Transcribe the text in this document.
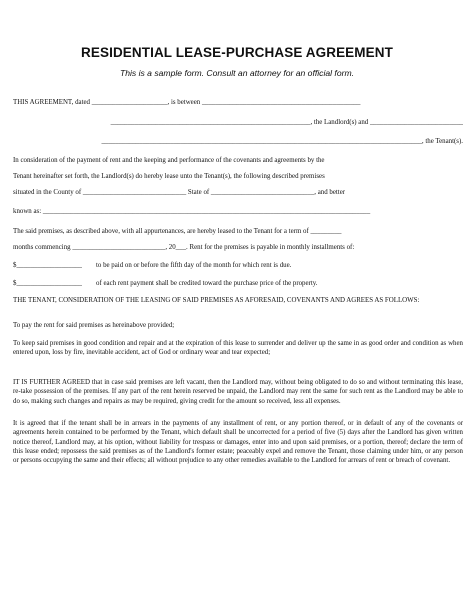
RESIDENTIAL LEASE-PURCHASE AGREEMENT
This is a sample form. Consult an attorney for an official form.
THIS AGREEMENT, dated ______________________, is between ______________________________________________
__________________________________________________________, the Landlord(s) and ___________________________
_____________________________________________________________________________________________, the Tenant(s).
In consideration of the payment of rent and the keeping and performance of the covenants and agreements by the
Tenant hereinafter set forth, the Landlord(s) do hereby lease unto the Tenant(s), the following described premises
situated in the County of ______________________________ State of ______________________________, and better
known as: _______________________________________________________________________________________________
The said premises, as described above, with all appurtenances, are hereby leased to the Tenant for a term of _________
months commencing ___________________________, 20___. Rent for the premises is payable in monthly installments of:
$___________________ to be paid on or before the fifth day of the month for which rent is due.
$___________________ of each rent payment shall be credited toward the purchase price of the property.
THE TENANT, CONSIDERATION OF THE LEASING OF SAID PREMISES AS AFORESAID, COVENANTS AND AGREES AS FOLLOWS:
To pay the rent for said premises as hereinabove provided;
To keep said premises in good condition and repair and at the expiration of this lease to surrender and deliver up the same in as good order and condition as when entered upon, loss by fire, inevitable accident, act of God or ordinary wear and tear expected;
IT IS FURTHER AGREED that in case said premises are left vacant, then the Landlord may, without being obligated to do so and without terminating this lease, re-take possession of the premises. If any part of the rent herein reserved be unpaid, the Landlord may rent the same for such rent as the Landlord may be able to do so, making such changes and repairs as may be required, giving credit for the amount so received, less all expenses.
It is agreed that if the tenant shall be in arrears in the payments of any installment of rent, or any portion thereof, or in default of any of the covenants or agreements herein contained to be performed by the Tenant, which default shall be uncorrected for a period of five (5) days after the Landlord has given written notice thereof, Landlord may, at his option, without liability for trespass or damages, enter into and upon said premises, or a portion, thereof; declare the term of this lease ended; repossess the said premises as of the Landlord's former estate; peaceably expel and remove the Tenant, those claiming under him, or any person or persons occupying the same and their effects; all without prejudice to any other remedies available to the Landlord for arrears of rent or breach of covenant.
